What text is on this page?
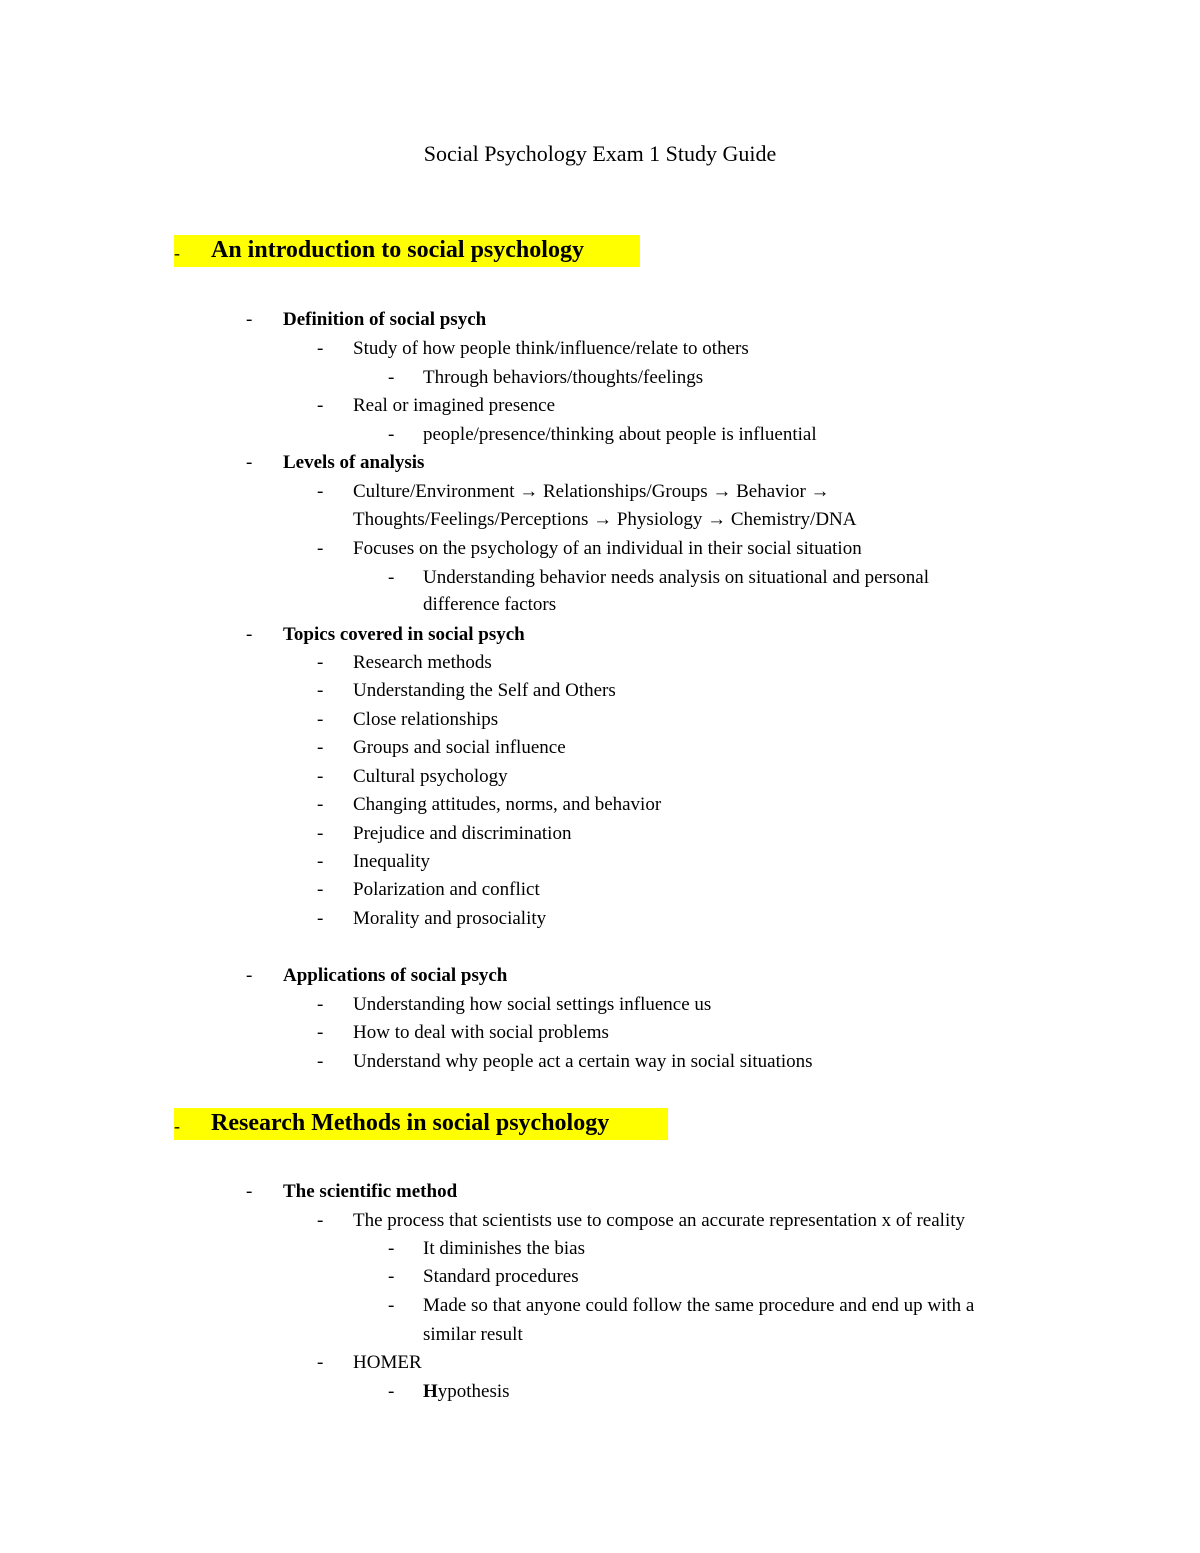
Social Psychology Exam 1 Study Guide
- An introduction to social psychology
- Definition of social psych
- Study of how people think/influence/relate to others
- Through behaviors/thoughts/feelings
- Real or imagined presence
- people/presence/thinking about people is influential
- Levels of analysis
- Culture/Environment → Relationships/Groups → Behavior →
Thoughts/Feelings/Perceptions → Physiology → Chemistry/DNA
- Focuses on the psychology of an individual in their social situation
- Understanding behavior needs analysis on situational and personal
difference factors
- Topics covered in social psych
- Research methods
- Understanding the Self and Others
- Close relationships
- Groups and social influence
- Cultural psychology
- Changing attitudes, norms, and behavior
- Prejudice and discrimination
- Inequality
- Polarization and conflict
- Morality and prosociality
- Applications of social psych
- Understanding how social settings influence us
- How to deal with social problems
- Understand why people act a certain way in social situations
- Research Methods in social psychology
- The scientific method
- The process that scientists use to compose an accurate representation x of reality
- It diminishes the bias
- Standard procedures
- Made so that anyone could follow the same procedure and end up with a
similar result
- HOMER
- Hypothesis
